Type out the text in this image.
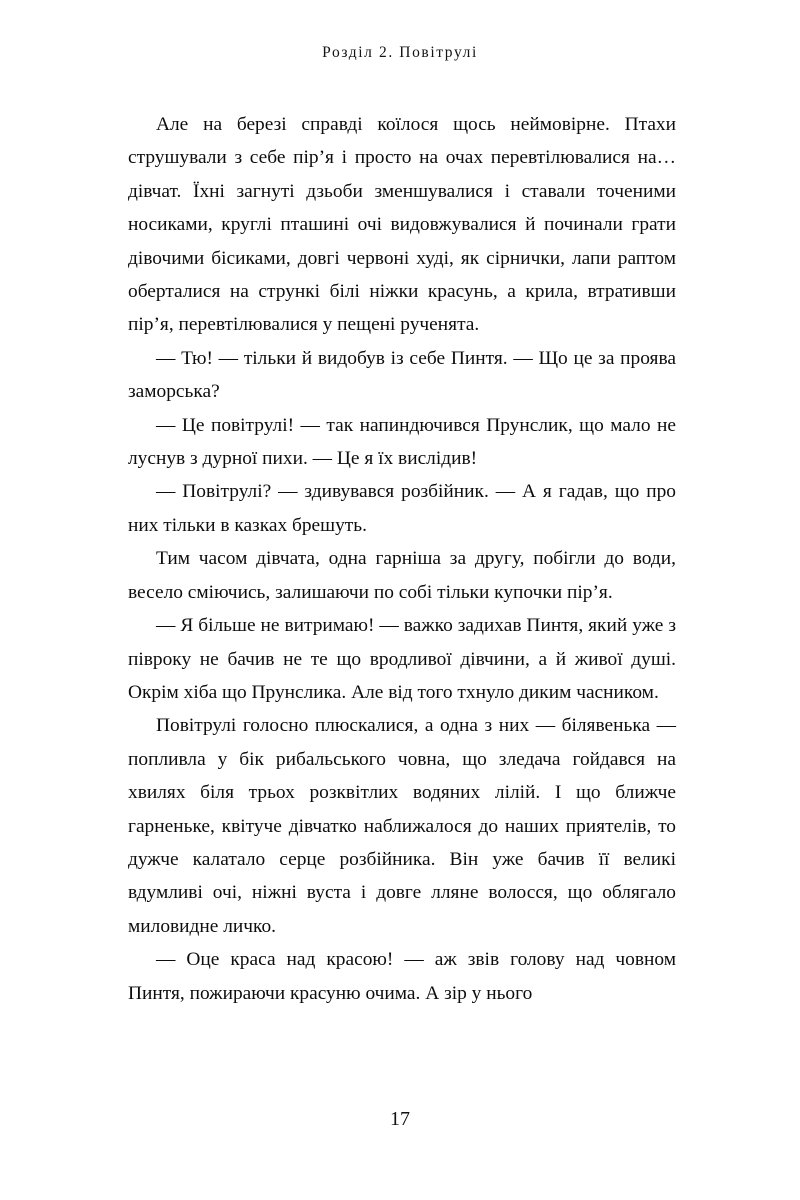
Розділ 2. Повітрулі

Але на березі справді коїлося щось неймовірне. Птахи струшували з себе пір’я і просто на очах перевтілювалися на… дівчат. Їхні загнуті дзьоби зменшувалися і ставали точеними носиками, круглі пташині очі видовжувалися й починали грати дівочими бісиками, довгі червоні худі, як сірнички, лапи раптом оберталися на стрункі білі ніжки красунь, а крила, втративши пір’я, перевтілювалися у пещені рученята.

— Тю! — тільки й видобув із себе Пинтя. — Що це за проява заморська?

— Це повітрулі! — так напиндючився Прунслик, що мало не луснув з дурної пихи. — Це я їх вислідив!

— Повітрулі? — здивувався розбійник. — А я гадав, що про них тільки в казках брешуть.

Тим часом дівчата, одна гарніша за другу, побігли до води, весело сміючись, залишаючи по собі тільки купочки пір’я.

— Я більше не витримаю! — важко задихав Пинтя, який уже з півроку не бачив не те що вродливої дівчини, а й живої душі. Окрім хіба що Прунслика. Але від того тхнуло диким часником.

Повітрулі голосно плюскалися, а одна з них — білявенька — попливла у бік рибальського човна, що зледача гойдався на хвилях біля трьох розквітлих водяних лілій. І що ближче гарненьке, квітуче дівчатко наближалося до наших приятелів, то дужче калатало серце розбійника. Він уже бачив її великі вдумливі очі, ніжні вуста і довге лляне волосся, що облягало миловидне личко.

— Оце краса над красою! — аж звів голову над човном Пинтя, пожираючи красуню очима. А зір у нього

17
